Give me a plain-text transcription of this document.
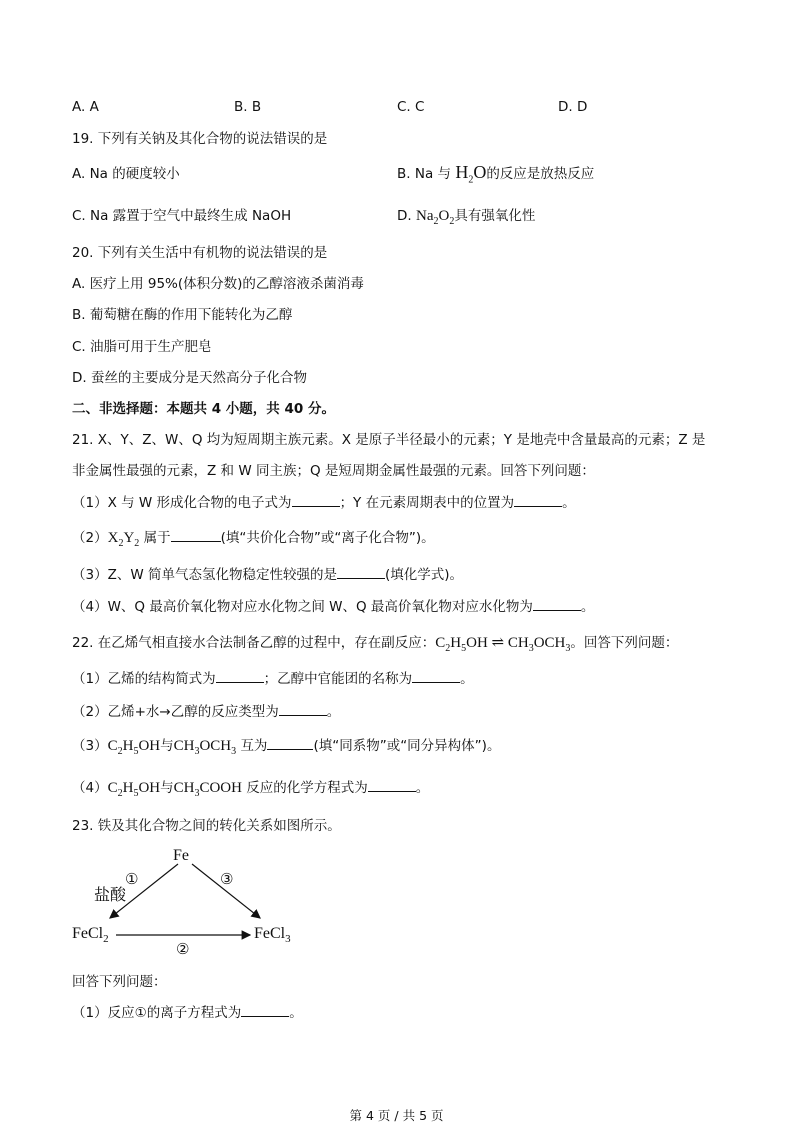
A. A	B. B	C. C	D. D
19. 下列有关钠及其化合物的说法错误的是
A. Na 的硬度较小	B. Na 与 $H_2O$的反应是放热反应
C. Na 露置于空气中最终生成 NaOH	D. $Na_2O_2$具有强氧化性
20. 下列有关生活中有机物的说法错误的是
A. 医疗上用 95%(体积分数)的乙醇溶液杀菌消毒
B. 葡萄糖在酶的作用下能转化为乙醇
C. 油脂可用于生产肥皂
D. 蚕丝的主要成分是天然高分子化合物
二、非选择题：本题共 4 小题，共 40 分。
21. X、Y、Z、W、Q 均为短周期主族元素。X 是原子半径最小的元素；Y 是地壳中含量最高的元素；Z 是
非金属性最强的元素，Z 和 W 同主族；Q 是短周期金属性最强的元素。回答下列问题：
（1）X 与 W 形成化合物的电子式为	；Y 在元素周期表中的位置为	。
$(2)X_2Y_2$ 属于	(填“共价化合物”或“离子化合物”)。
（3）Z、W 简单气态氢化物稳定性较强的是	(填化学式)。
（4）W、Q 最高价氧化物对应水化物之间 W、Q 最高价氧化物对应水化物为	。
22. 在乙烯气相直接水合法制备乙醇的过程中，存在副反应：$C_2H_5OH$ ⇌ $CH_3OCH_3$。回答下列问题：
（1）乙烯的结构简式为	；乙醇中官能团的名称为	。
（2）乙烯+水→乙醇的反应类型为	。
$(3)C_2H_5OH$与$CH_3OCH_3$ 互为	(填“同系物”或“同分异构体”)。
$(4)C_2H_5OH$与$CH_3COOH$ 反应的化学方程式为	。
23. 铁及其化合物之间的转化关系如图所示。
Fe
①
盐酸
③
FeCl$_2$
②
FeCl$_3$
回答下列问题：
（1）反应①的离子方程式为	。
第 4 页 / 共 5 页
